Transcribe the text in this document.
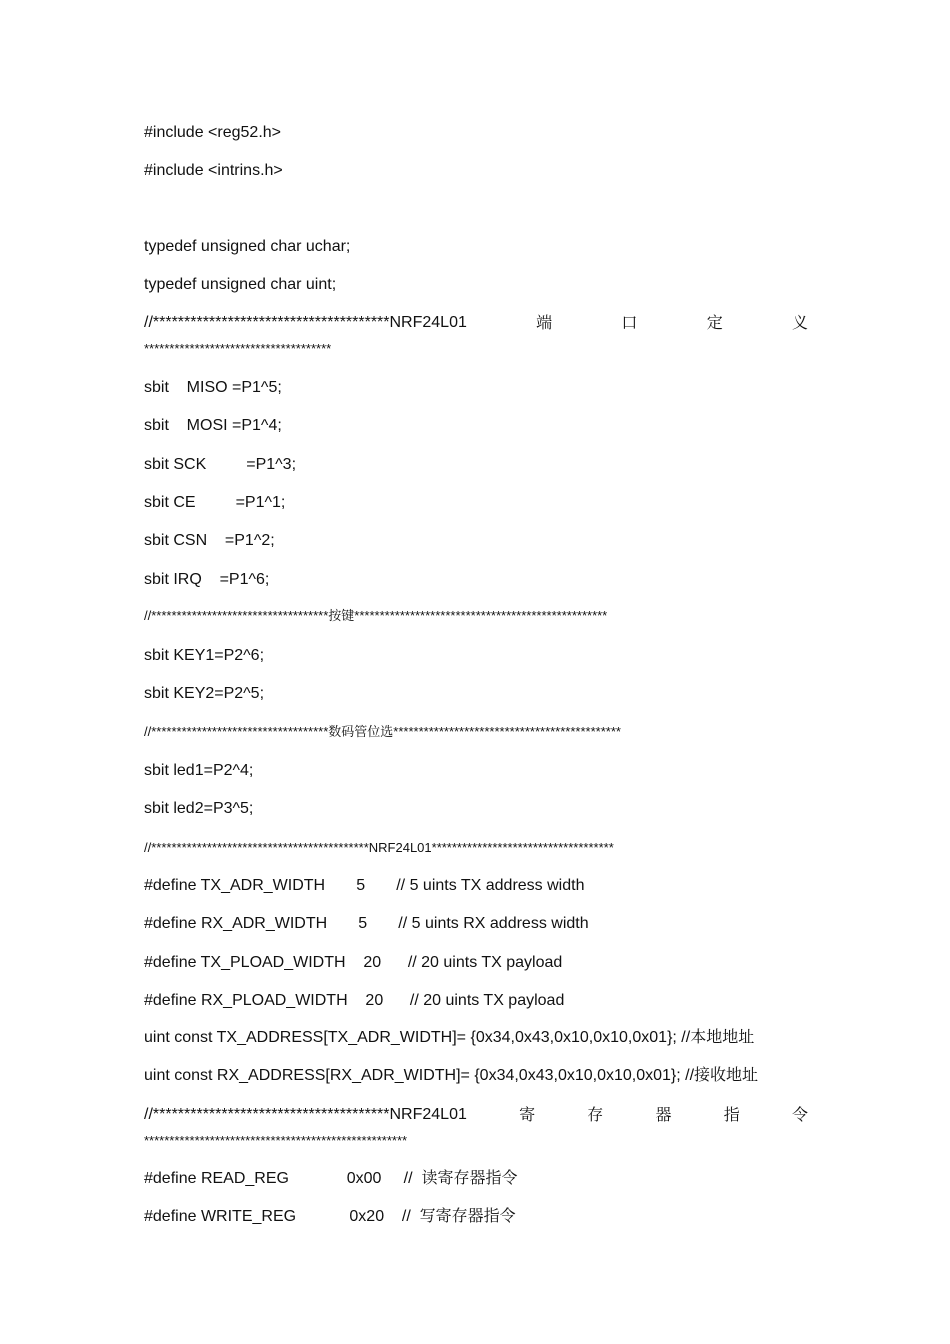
#include <reg52.h>
#include <intrins.h>
typedef unsigned char uchar;
typedef unsigned char uint;
//**************************************NRF24L01	端	口	定	义
*************************************
sbit    MISO =P1^5;
sbit    MOSI =P1^4;
sbit SCK         =P1^3;
sbit CE         =P1^1;
sbit CSN    =P1^2;
sbit IRQ    =P1^6;
//***********************************按键**************************************************
sbit KEY1=P2^6;
sbit KEY2=P2^5;
//***********************************数码管位选*********************************************
sbit led1=P2^4;
sbit led2=P3^5;
//*******************************************NRF24L01************************************
#define TX_ADR_WIDTH       5       // 5 uints TX address width
#define RX_ADR_WIDTH       5       // 5 uints RX address width
#define TX_PLOAD_WIDTH    20      // 20 uints TX payload
#define RX_PLOAD_WIDTH    20      // 20 uints TX payload
uint const TX_ADDRESS[TX_ADR_WIDTH]= {0x34,0x43,0x10,0x10,0x01}; //本地地址
uint const RX_ADDRESS[RX_ADR_WIDTH]= {0x34,0x43,0x10,0x10,0x01}; //接收地址
//**************************************NRF24L01	寄	存	器	指	令
****************************************************
#define READ_REG             0x00     //  读寄存器指令
#define WRITE_REG            0x20    //  写寄存器指令
